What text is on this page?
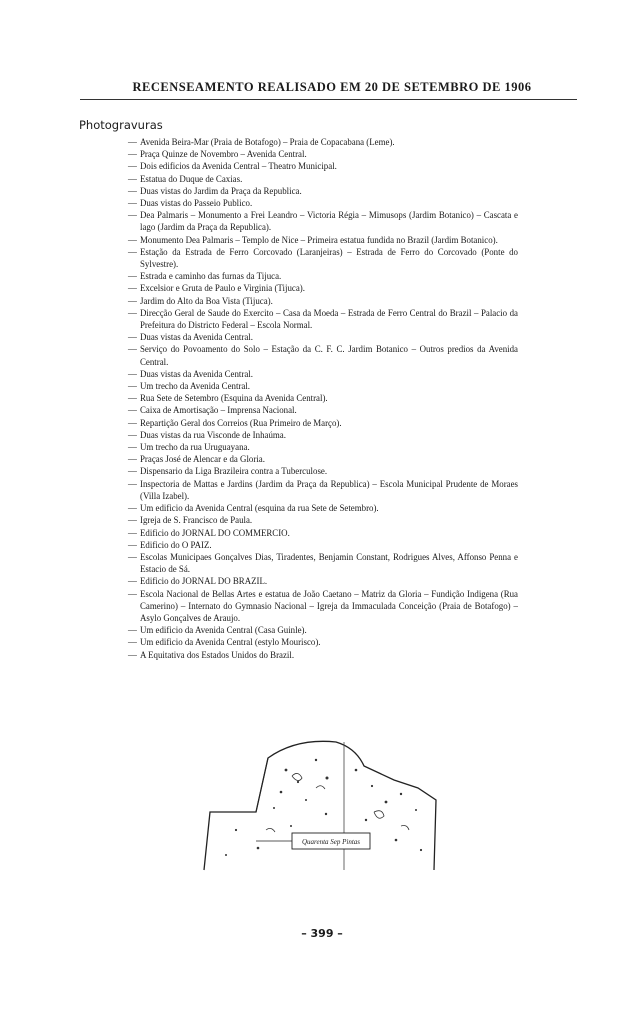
RECENSEAMENTO REALISADO EM 20 DE SETEMBRO DE 1906
Photogravuras
— Avenida Beira-Mar (Praia de Botafogo) – Praia de Copacabana (Leme).
— Praça Quinze de Novembro – Avenida Central.
— Dois edificios da Avenida Central – Theatro Municipal.
— Estatua do Duque de Caxias.
— Duas vistas do Jardim da Praça da Republica.
— Duas vistas do Passeio Publico.
— Dea Palmaris – Monumento a Frei Leandro – Victoria Régia – Mimusops (Jardim Botanico) – Cascata e lago (Jardim da Praça da Republica).
— Monumento Dea Palmaris – Templo de Nice – Primeira estatua fundida no Brazil (Jardim Botanico).
— Estação da Estrada de Ferro Corcovado (Laranjeiras) – Estrada de Ferro do Corcovado (Ponte do Sylvestre).
— Estrada e caminho das furnas da Tijuca.
— Excelsior e Gruta de Paulo e Virginia (Tijuca).
— Jardim do Alto da Boa Vista (Tijuca).
— Direcção Geral de Saude do Exercito – Casa da Moeda – Estrada de Ferro Central do Brazil – Palacio da Prefeitura do Districto Federal – Escola Normal.
— Duas vistas da Avenida Central.
— Serviço do Povoamento do Solo – Estação da C. F. C. Jardim Botanico – Outros predios da Avenida Central.
— Duas vistas da Avenida Central.
— Um trecho da Avenida Central.
— Rua Sete de Setembro (Esquina da Avenida Central).
— Caixa de Amortisação – Imprensa Nacional.
— Repartição Geral dos Correios (Rua Primeiro de Março).
— Duas vistas da rua Visconde de Inhaúma.
— Um trecho da rua Uruguayana.
— Praças José de Alencar e da Gloria.
— Dispensario da Liga Brazileira contra a Tuberculose.
— Inspectoria de Mattas e Jardins (Jardim da Praça da Republica) – Escola Municipal Prudente de Moraes (Villa Izabel).
— Um edificio da Avenida Central (esquina da rua Sete de Setembro).
— Igreja de S. Francisco de Paula.
— Edificio do JORNAL DO COMMERCIO.
— Edificio do O PAIZ.
— Escolas Municipaes Gonçalves Dias, Tiradentes, Benjamin Constant, Rodrigues Alves, Affonso Penna e Estacio de Sá.
— Edificio do JORNAL DO BRAZIL.
— Escola Nacional de Bellas Artes e estatua de João Caetano – Matriz da Gloria – Fundição Indigena (Rua Camerino) – Internato do Gymnasio Nacional – Igreja da Immaculada Conceição (Praia de Botafogo) – Asylo Gonçalves de Araujo.
— Um edificio da Avenida Central (Casa Guinle).
— Um edificio da Avenida Central (estylo Mourisco).
— A Equitativa dos Estados Unidos do Brazil.
Quarenta Sep Pintas
– 399 –
